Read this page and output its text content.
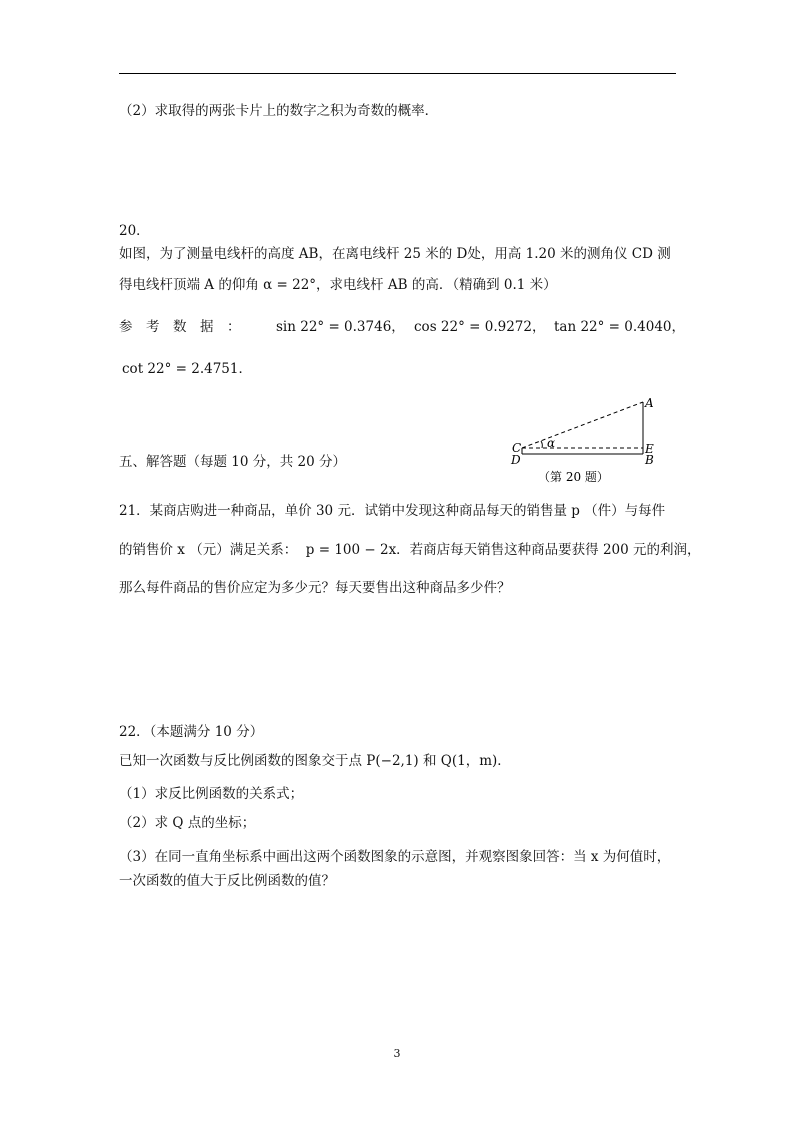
（2）求取得的两张卡片上的数字之积为奇数的概率．
20．
如图，为了测量电线杆的高度 AB，在离电线杆 25 米的 D处，用高 1.20 米的测角仪 CD 测
得电线杆顶端 A 的仰角 α = 22°，求电线杆 AB 的高．（精确到 0.1 米）
参　考　数　据　：	sin 22° = 0.3746， cos 22° = 0.9272， tan 22° = 0.4040，
cot 22° = 2.4751．
A
C
D
E
B
α
（第 20 题）
五、解答题（每题 10 分，共 20 分）
21．某商店购进一种商品，单价 30 元．试销中发现这种商品每天的销售量 p （件）与每件
的销售价 x （元）满足关系：  p = 100 − 2x．若商店每天销售这种商品要获得 200 元的利润，
那么每件商品的售价应定为多少元？每天要售出这种商品多少件？
22．（本题满分 10 分）
已知一次函数与反比例函数的图象交于点 P(−2,1) 和 Q(1，m)．
（1）求反比例函数的关系式；
（2）求 Q 点的坐标；
（3）在同一直角坐标系中画出这两个函数图象的示意图，并观察图象回答：当 x 为何值时，
一次函数的值大于反比例函数的值？
3
